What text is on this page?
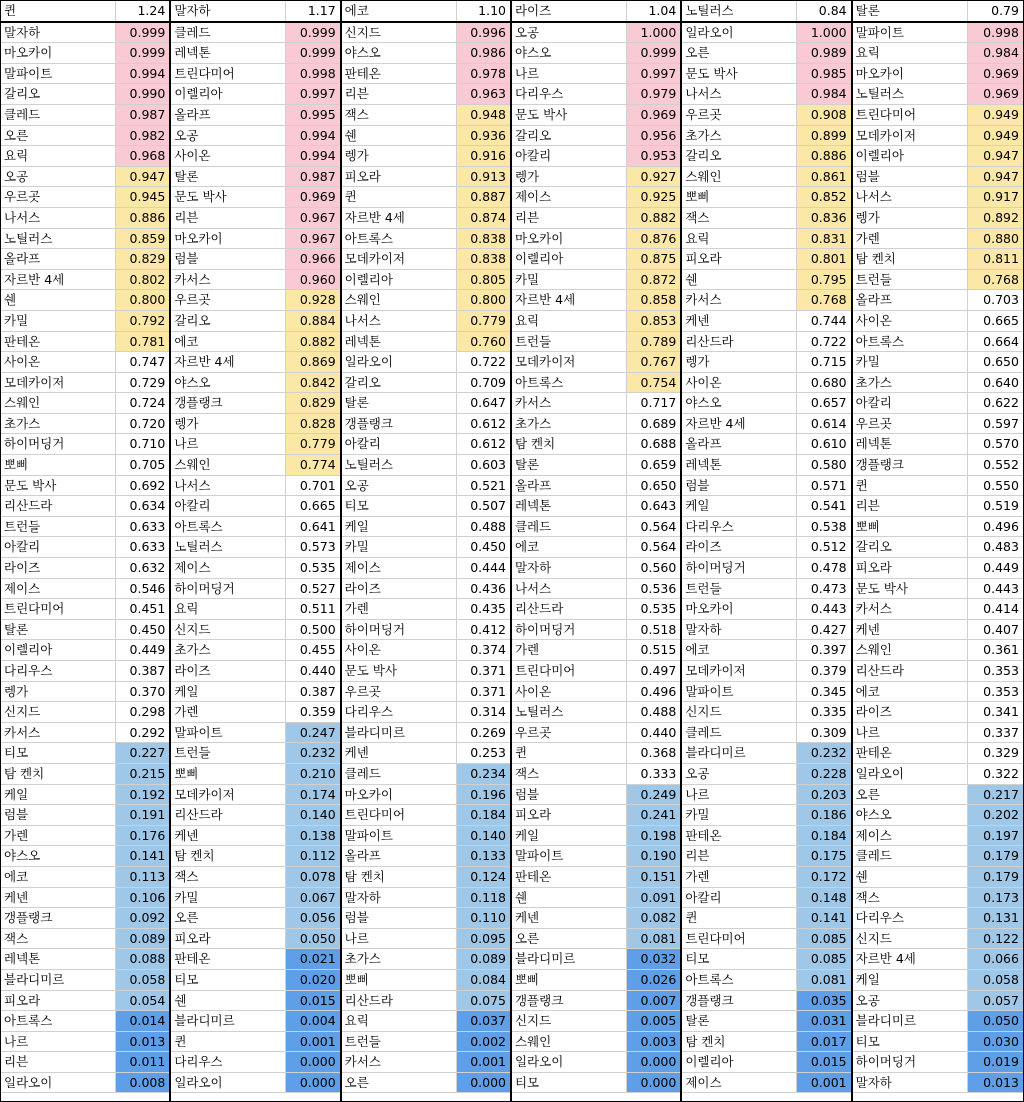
퀸	1.24
말자하	0.999
마오카이	0.999
말파이트	0.994
갈리오	0.990
클레드	0.987
오른	0.982
요릭	0.968
오공	0.947
우르곳	0.945
나서스	0.886
노틸러스	0.859
올라프	0.829
자르반 4세	0.802
쉔	0.800
카밀	0.792
판테온	0.781
사이온	0.747
모데카이저	0.729
스웨인	0.724
초가스	0.720
하이머딩거	0.710
뽀삐	0.705
문도 박사	0.692
리산드라	0.634
트런들	0.633
아칼리	0.633
라이즈	0.632
제이스	0.546
트린다미어	0.451
탈론	0.450
이렐리아	0.449
다리우스	0.387
렝가	0.370
신지드	0.298
카서스	0.292
티모	0.227
탐 켄치	0.215
케일	0.192
럼블	0.191
가렌	0.176
야스오	0.141
에코	0.113
케넨	0.106
갱플랭크	0.092
잭스	0.089
레넥톤	0.088
블라디미르	0.058
피오라	0.054
아트록스	0.014
나르	0.013
리븐	0.011
일라오이	0.008
말자하	1.17
클레드	0.999
레넥톤	0.999
트린다미어	0.998
이렐리아	0.997
올라프	0.995
오공	0.994
사이온	0.994
탈론	0.987
문도 박사	0.969
리븐	0.967
마오카이	0.967
럼블	0.966
카서스	0.960
우르곳	0.928
갈리오	0.884
에코	0.882
자르반 4세	0.869
야스오	0.842
갱플랭크	0.829
렝가	0.828
나르	0.779
스웨인	0.774
나서스	0.701
아칼리	0.665
아트록스	0.641
노틸러스	0.573
제이스	0.535
하이머딩거	0.527
요릭	0.511
신지드	0.500
초가스	0.455
라이즈	0.440
케일	0.387
가렌	0.359
말파이트	0.247
트런들	0.232
뽀삐	0.210
모데카이저	0.174
리산드라	0.140
케넨	0.138
탐 켄치	0.112
잭스	0.078
카밀	0.067
오른	0.056
피오라	0.050
판테온	0.021
티모	0.020
쉔	0.015
블라디미르	0.004
퀸	0.001
다리우스	0.000
일라오이	0.000
에코	1.10
신지드	0.996
야스오	0.986
판테온	0.978
리븐	0.963
잭스	0.948
쉔	0.936
렝가	0.916
피오라	0.913
퀸	0.887
자르반 4세	0.874
아트록스	0.838
모데카이저	0.838
이렐리아	0.805
스웨인	0.800
나서스	0.779
레넥톤	0.760
일라오이	0.722
갈리오	0.709
탈론	0.647
갱플랭크	0.612
아칼리	0.612
노틸러스	0.603
오공	0.521
티모	0.507
케일	0.488
카밀	0.450
제이스	0.444
라이즈	0.436
가렌	0.435
하이머딩거	0.412
사이온	0.374
문도 박사	0.371
우르곳	0.371
다리우스	0.314
블라디미르	0.269
케넨	0.253
클레드	0.234
마오카이	0.196
트린다미어	0.184
말파이트	0.140
올라프	0.133
탐 켄치	0.124
말자하	0.118
럼블	0.110
나르	0.095
초가스	0.089
뽀삐	0.084
리산드라	0.075
요릭	0.037
트런들	0.002
카서스	0.001
오른	0.000
라이즈	1.04
오공	1.000
야스오	0.999
나르	0.997
다리우스	0.979
문도 박사	0.969
갈리오	0.956
아칼리	0.953
렝가	0.927
제이스	0.925
리븐	0.882
마오카이	0.876
이렐리아	0.875
카밀	0.872
자르반 4세	0.858
요릭	0.853
트런들	0.789
모데카이저	0.767
아트록스	0.754
카서스	0.717
초가스	0.689
탐 켄치	0.688
탈론	0.659
올라프	0.650
레넥톤	0.643
클레드	0.564
에코	0.564
말자하	0.560
나서스	0.536
리산드라	0.535
하이머딩거	0.518
가렌	0.515
트린다미어	0.497
사이온	0.496
노틸러스	0.488
우르곳	0.440
퀸	0.368
잭스	0.333
럼블	0.249
피오라	0.241
케일	0.198
말파이트	0.190
판테온	0.151
쉔	0.091
케넨	0.082
오른	0.081
블라디미르	0.032
뽀삐	0.026
갱플랭크	0.007
신지드	0.005
스웨인	0.003
일라오이	0.000
티모	0.000
노틸러스	0.84
일라오이	1.000
오른	0.989
문도 박사	0.985
나서스	0.984
우르곳	0.908
초가스	0.899
갈리오	0.886
스웨인	0.861
뽀삐	0.852
잭스	0.836
요릭	0.831
피오라	0.801
쉔	0.795
카서스	0.768
케넨	0.744
리산드라	0.722
렝가	0.715
사이온	0.680
야스오	0.657
자르반 4세	0.614
올라프	0.610
레넥톤	0.580
럼블	0.571
케일	0.541
다리우스	0.538
라이즈	0.512
하이머딩거	0.478
트런들	0.473
마오카이	0.443
말자하	0.427
에코	0.397
모데카이저	0.379
말파이트	0.345
신지드	0.335
클레드	0.309
블라디미르	0.232
오공	0.228
나르	0.203
카밀	0.186
판테온	0.184
리븐	0.175
가렌	0.172
아칼리	0.148
퀸	0.141
트린다미어	0.085
티모	0.085
아트록스	0.081
갱플랭크	0.035
탈론	0.031
탐 켄치	0.017
이렐리아	0.015
제이스	0.001
탈론	0.79
말파이트	0.998
요릭	0.984
마오카이	0.969
노틸러스	0.969
트린다미어	0.949
모데카이저	0.949
이렐리아	0.947
럼블	0.947
나서스	0.917
렝가	0.892
가렌	0.880
탐 켄치	0.811
트런들	0.768
올라프	0.703
사이온	0.665
아트록스	0.664
카밀	0.650
초가스	0.640
아칼리	0.622
우르곳	0.597
레넥톤	0.570
갱플랭크	0.552
퀸	0.550
리븐	0.519
뽀삐	0.496
갈리오	0.483
피오라	0.449
문도 박사	0.443
카서스	0.414
케넨	0.407
스웨인	0.361
리산드라	0.353
에코	0.353
라이즈	0.341
나르	0.337
판테온	0.329
일라오이	0.322
오른	0.217
야스오	0.202
제이스	0.197
클레드	0.179
쉔	0.179
잭스	0.173
다리우스	0.131
신지드	0.122
자르반 4세	0.066
케일	0.058
오공	0.057
블라디미르	0.050
티모	0.030
하이머딩거	0.019
말자하	0.013
